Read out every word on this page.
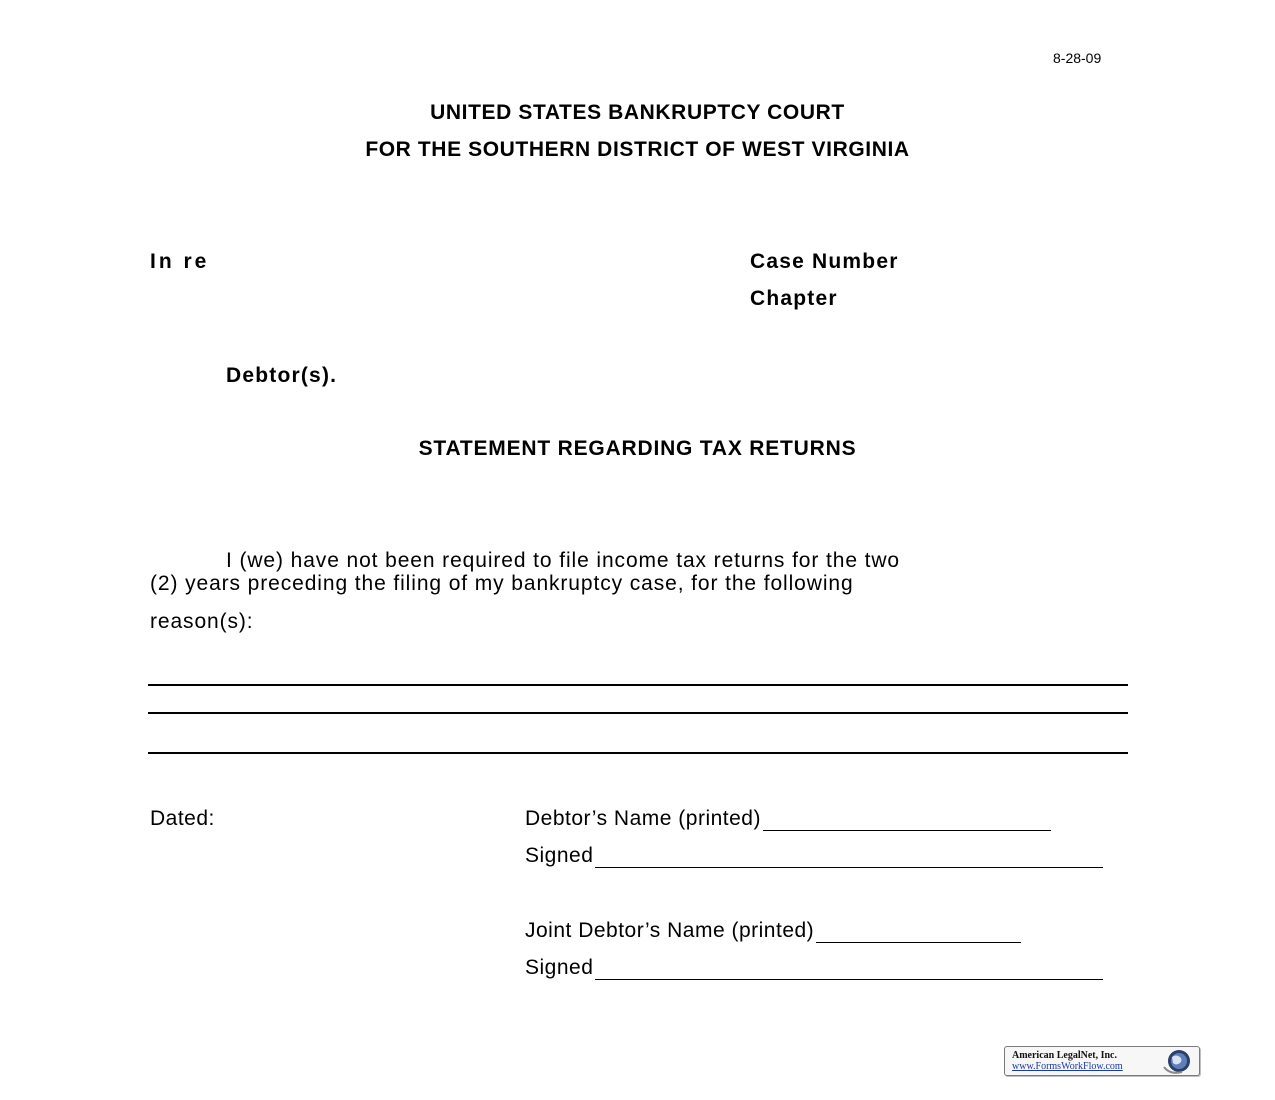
8-28-09
UNITED STATES BANKRUPTCY COURT
FOR THE SOUTHERN DISTRICT OF WEST VIRGINIA
In re	Case Number
Chapter
Debtor(s).
STATEMENT REGARDING TAX RETURNS
I (we) have not been required to file income tax returns for the two
(2) years preceding the filing of my bankruptcy case, for the following
reason(s):
Dated:	Debtor’s Name (printed)
Signed
Joint Debtor’s Name (printed)
Signed
American LegalNet, Inc.
www.FormsWorkFlow.com
